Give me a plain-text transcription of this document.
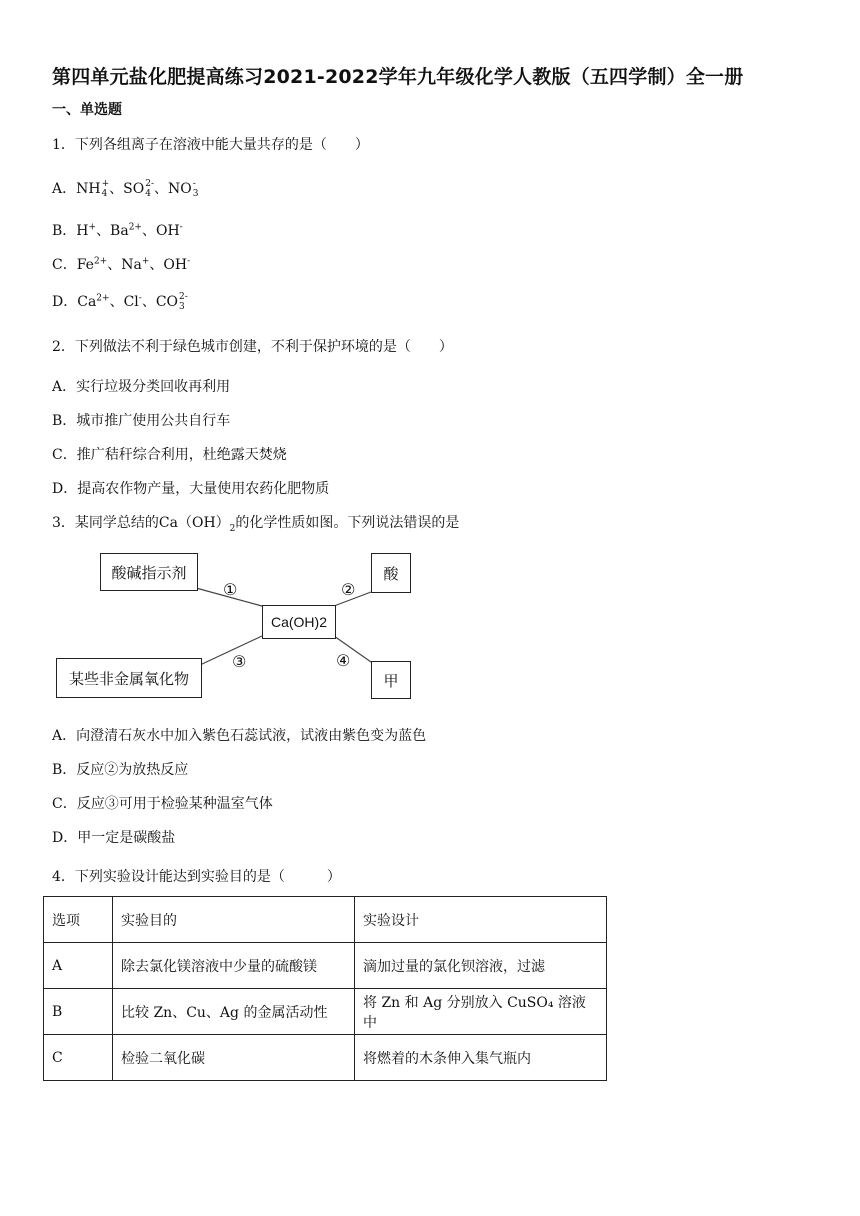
第四单元盐化肥提高练习2021-2022学年九年级化学人教版（五四学制）全一册
一、单选题
1．下列各组离子在溶液中能大量共存的是（　　）
A．NH +
4 、SO 2-
4 、NO -
3
B．H+、$Ba^{2+}$、OH-
C．$Fe^{2+}$、Na+、OH-
D．$Ca^{2+}$、Cl-、CO 2-
3
2．下列做法不利于绿色城市创建，不利于保护环境的是（　　）
A．实行垃圾分类回收再利用
B．城市推广使用公共自行车
C．推广秸秆综合利用，杜绝露天焚烧
D．提高农作物产量，大量使用农药化肥物质
3．某同学总结的$Ca(OH)_2$的化学性质如图。下列说法错误的是
酸碱指示剂	酸
Ca(OH)2
某些非金属氧化物	甲
①	②
③	④
A．向澄清石灰水中加入紫色石蕊试液，试液由紫色变为蓝色
B．反应②为放热反应
C．反应③可用于检验某种温室气体
D．甲一定是碳酸盐
4．下列实验设计能达到实验目的是（　　　）
选项	实验目的	实验设计
A	除去氯化镁溶液中少量的硫酸镁	滴加过量的氯化钡溶液，过滤
B	比较 Zn、Cu、Ag 的金属活动性	将 Zn 和 Ag 分别放入 CuSO₄ 溶液中
C	检验二氧化碳	将燃着的木条伸入集气瓶内
